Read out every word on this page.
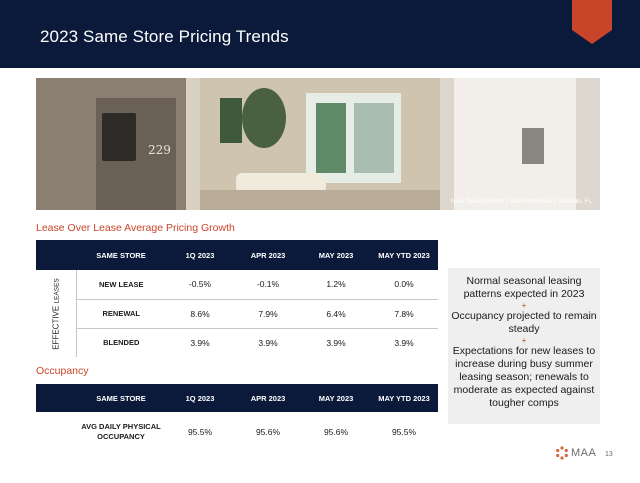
2023 Same Store Pricing Trends
229
New Development | MAA Robinson | Orlando, FL
Lease Over Lease Average Pricing Growth
	SAME STORE	1Q 2023	APR 2023	MAY 2023	MAY YTD 2023

EFFECTIVE LEASES	NEW LEASE	-0.5%	-0.1%	1.2%	0.0%
	RENEWAL	8.6%	7.9%	6.4%	7.8%
	BLENDED	3.9%	3.9%	3.9%	3.9%
Occupancy
	SAME STORE	1Q 2023	APR 2023	MAY 2023	MAY YTD 2023
	AVG DAILY PHYSICAL OCCUPANCY	95.5%	95.6%	95.6%	95.5%
Normal seasonal leasing patterns expected in 2023
+
Occupancy projected to remain steady
+
Expectations for new leases to increase during busy summer leasing season; renewals to moderate as expected against tougher comps
MAA 13
